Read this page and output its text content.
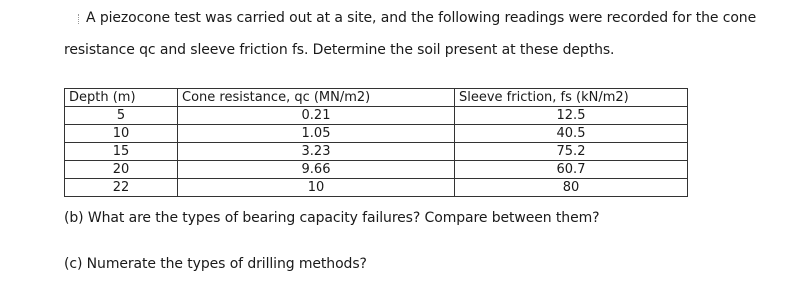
A piezocone test was carried out at a site, and the following readings were recorded for the cone
resistance qc and sleeve friction fs. Determine the soil present at these depths.
Depth (m)	Cone resistance, qc (MN/m2)	Sleeve friction, fs (kN/m2)
5	0.21	12.5
10	1.05	40.5
15	3.23	75.2
20	9.66	60.7
22	10	80
(b) What are the types of bearing capacity failures? Compare between them?
(c) Numerate the types of drilling methods?
